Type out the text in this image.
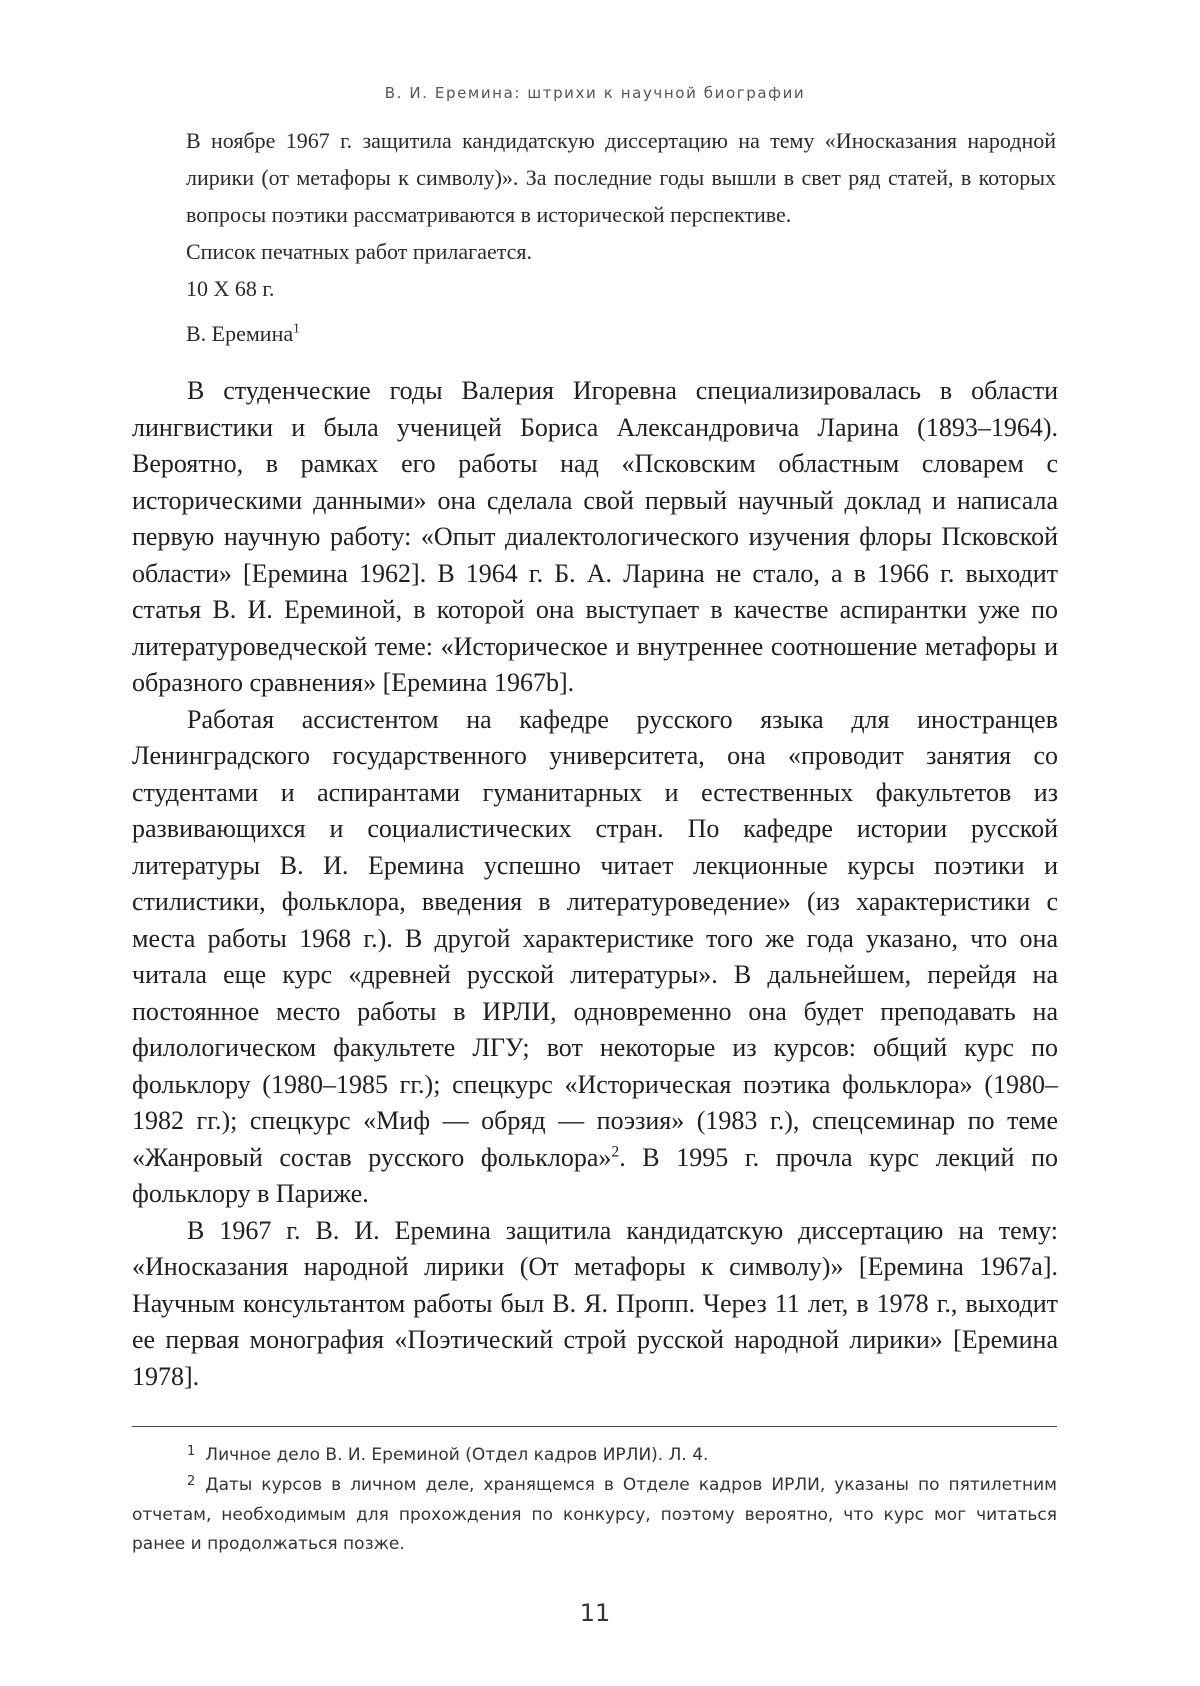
В. И. Еремина: штрихи к научной биографии

В ноябре 1967 г. защитила кандидатскую диссертацию на тему «Иносказания народной лирики (от метафоры к символу)». За последние годы вышли в свет ряд статей, в которых вопросы поэтики рассматриваются в исторической перспективе.

Список печатных работ прилагается.

10 X 68 г.

В. Еремина1

В студенческие годы Валерия Игоревна специализировалась в области лингвистики и была ученицей Бориса Александровича Ларина (1893–1964). Вероятно, в рамках его работы над «Псковским областным словарем с историческими данными» она сделала свой первый научный доклад и написала первую научную работу: «Опыт диалектологического изучения флоры Псковской области» [Еремина 1962]. В 1964 г. Б. А. Ларина не стало, а в 1966 г. выходит статья В. И. Ереминой, в которой она выступает в качестве аспирантки уже по литературоведческой теме: «Историческое и внутреннее соотношение метафоры и образного сравнения» [Еремина 1967b].

Работая ассистентом на кафедре русского языка для иностранцев Ленинградского государственного университета, она «проводит занятия со студентами и аспирантами гуманитарных и естественных факультетов из развивающихся и социалистических стран. По кафедре истории русской литературы В. И. Еремина успешно читает лекционные курсы поэтики и стилистики, фольклора, введения в литературоведение» (из характеристики с места работы 1968 г.). В другой характеристике того же года указано, что она читала еще курс «древней русской литературы». В дальнейшем, перейдя на постоянное место работы в ИРЛИ, одновременно она будет преподавать на филологическом факультете ЛГУ; вот некоторые из курсов: общий курс по фольклору (1980–1985 гг.); спецкурс «Историческая поэтика фольклора» (1980–1982 гг.); спецкурс «Миф — обряд — поэзия» (1983 г.), спецсеминар по теме «Жанровый состав русского фольклора»2. В 1995 г. прочла курс лекций по фольклору в Париже.

В 1967 г. В. И. Еремина защитила кандидатскую диссертацию на тему: «Иносказания народной лирики (От метафоры к символу)» [Еремина 1967a]. Научным консультантом работы был В. Я. Пропп. Через 11 лет, в 1978 г., выходит ее первая монография «Поэтический строй русской народной лирики» [Еремина 1978].

1 Личное дело В. И. Ереминой (Отдел кадров ИРЛИ). Л. 4.

2 Даты курсов в личном деле, хранящемся в Отделе кадров ИРЛИ, указаны по пятилетним отчетам, необходимым для прохождения по конкурсу, поэтому вероятно, что курс мог читаться ранее и продолжаться позже.

11
